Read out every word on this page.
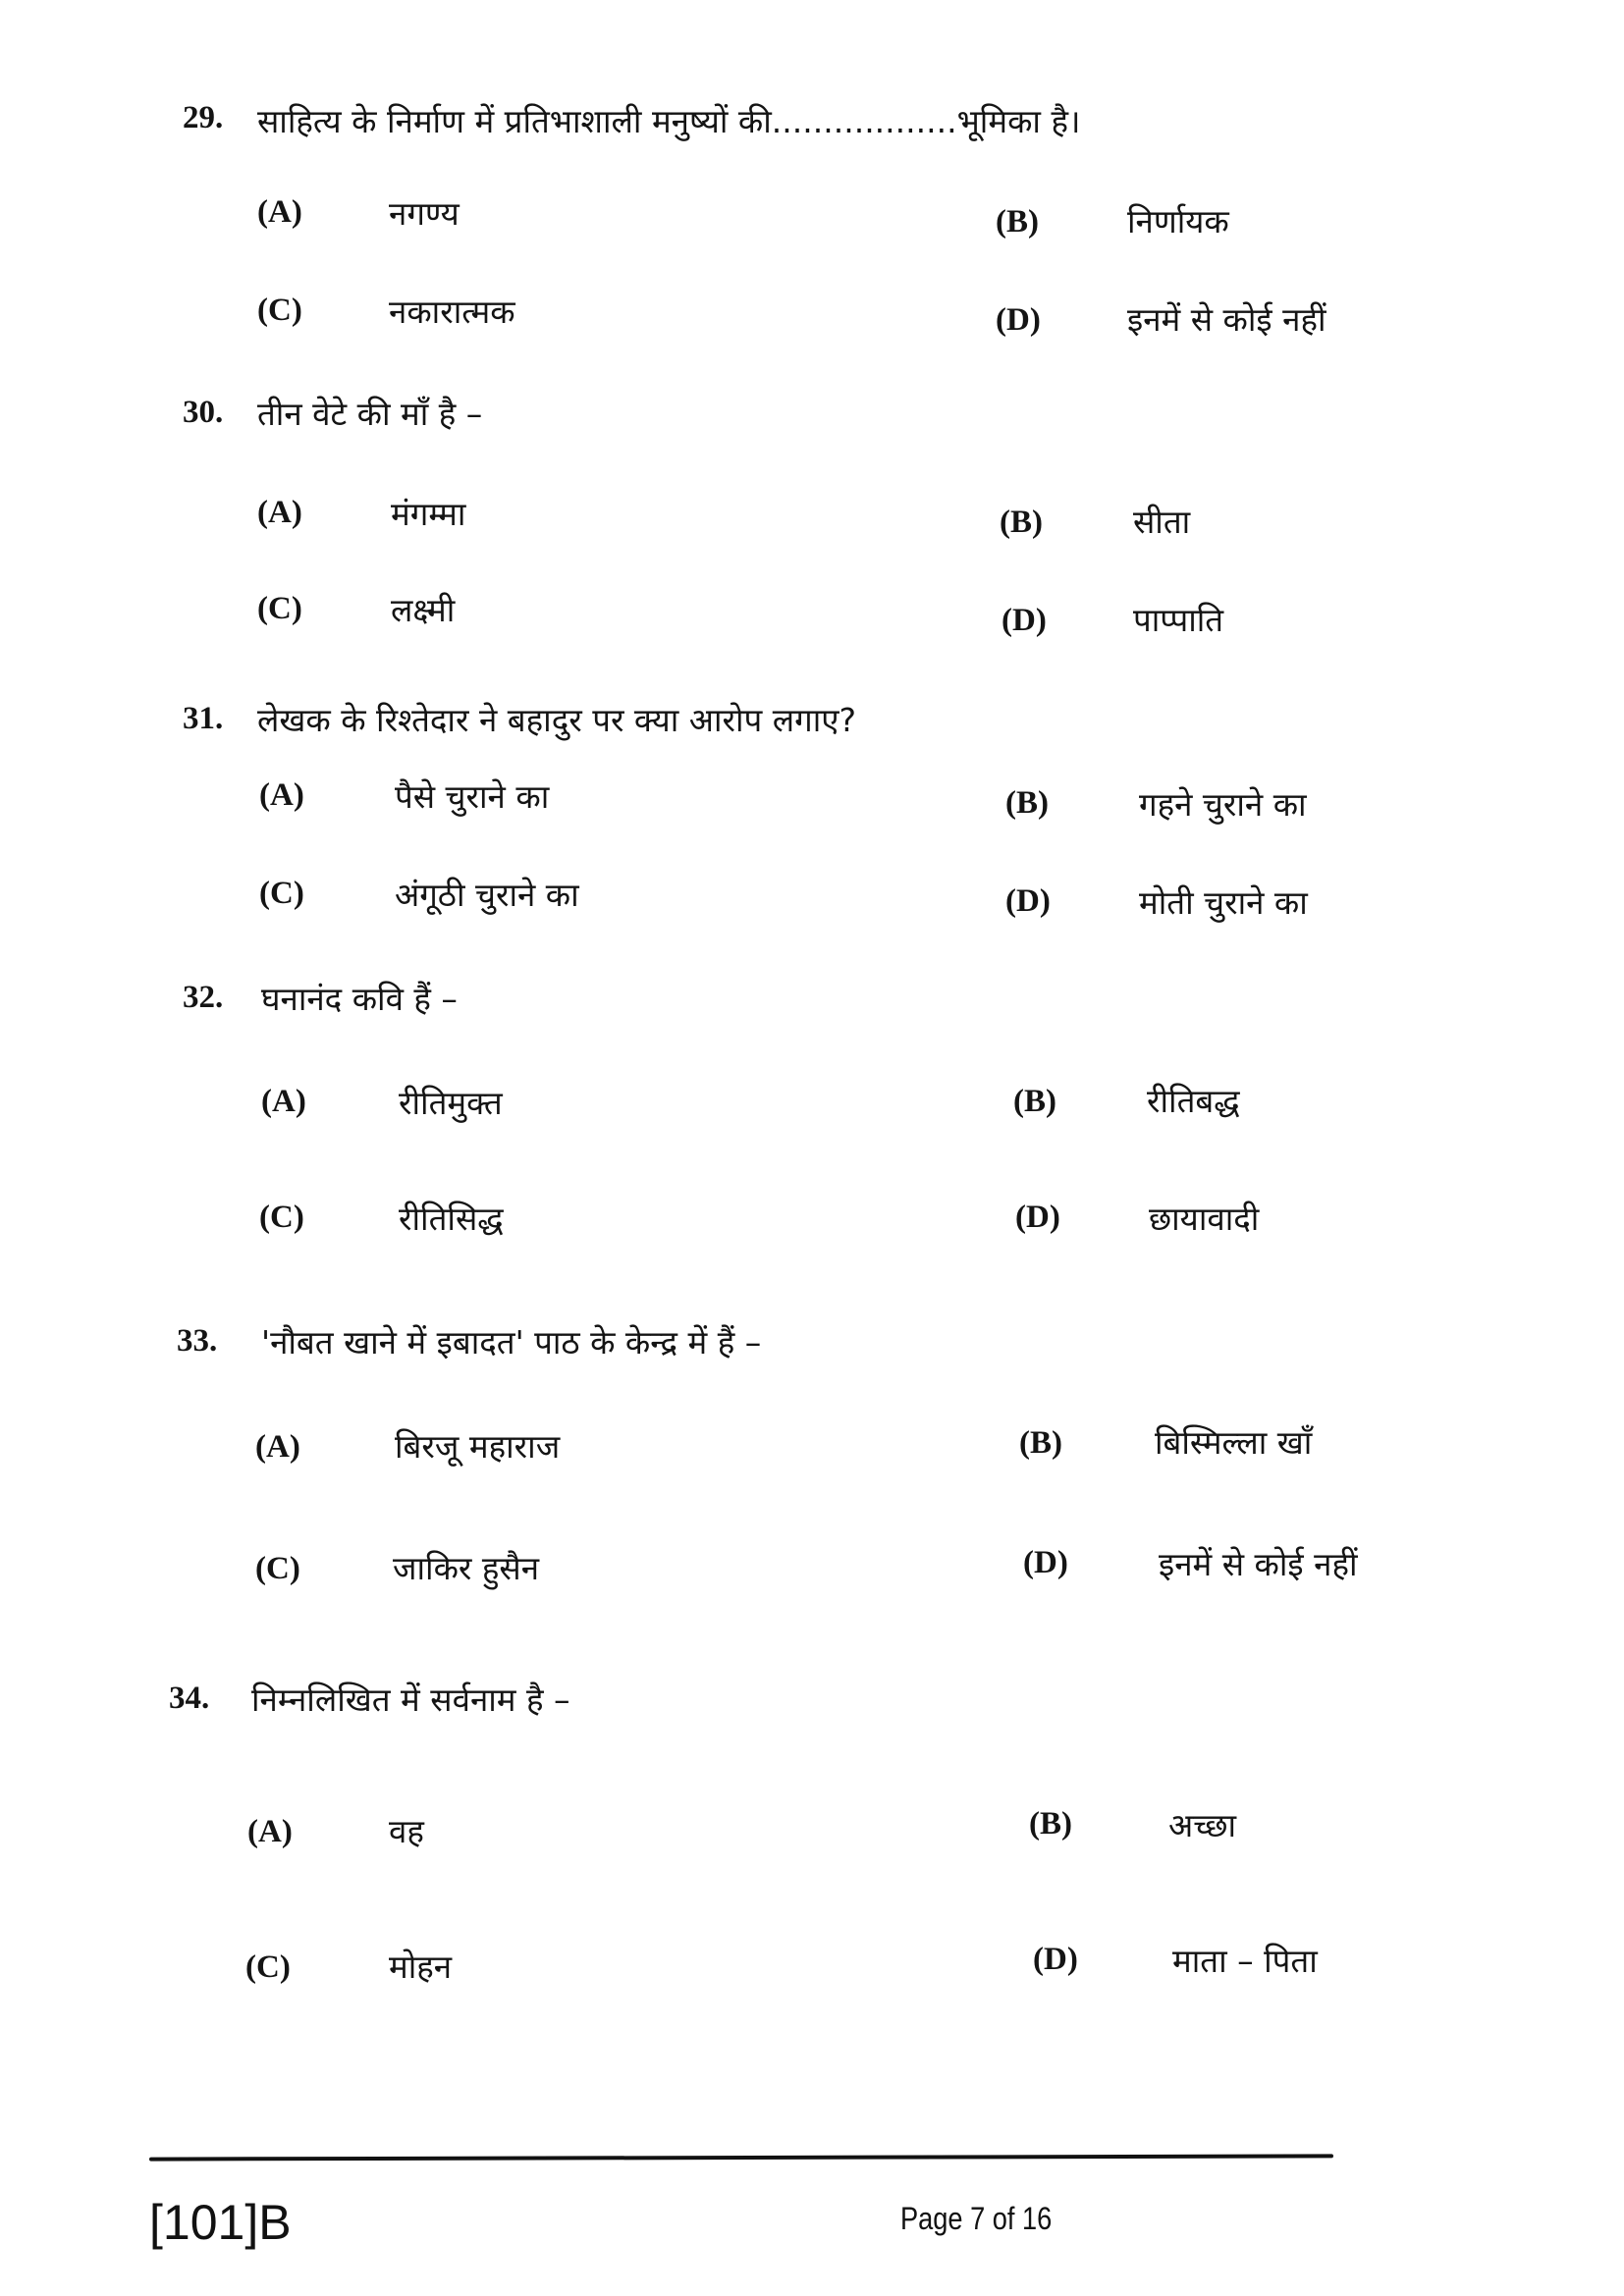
29. साहित्य के निर्माण में प्रतिभाशाली मनुष्यों की..................भूमिका है।
(A)	नगण्य	(B)	निर्णायक
(C)	नकारात्मक	(D)	इनमें से कोई नहीं
30. तीन वेटे की माँ है –
(A)	मंगम्मा	(B)	सीता
(C)	लक्ष्मी	(D)	पाप्पाति
31. लेखक के रिश्तेदार ने बहादुर पर क्या आरोप लगाए?
(A)	पैसे चुराने का	(B)	गहने चुराने का
(C)	अंगूठी चुराने का	(D)	मोती चुराने का
32. घनानंद कवि हैं –
(A)	रीतिमुक्त	(B)	रीतिबद्ध
(C)	रीतिसिद्ध	(D)	छायावादी
33. 'नौबत खाने में इबादत' पाठ के केन्द्र में हैं –
(A)	बिरजू महाराज	(B)	बिस्मिल्ला खाँ
(C)	जाकिर हुसैन	(D)	इनमें से कोई नहीं
34. निम्नलिखित में सर्वनाम है –
(A)	वह	(B)	अच्छा
(C)	मोहन	(D)	माता – पिता
[101]B	Page 7 of 16
